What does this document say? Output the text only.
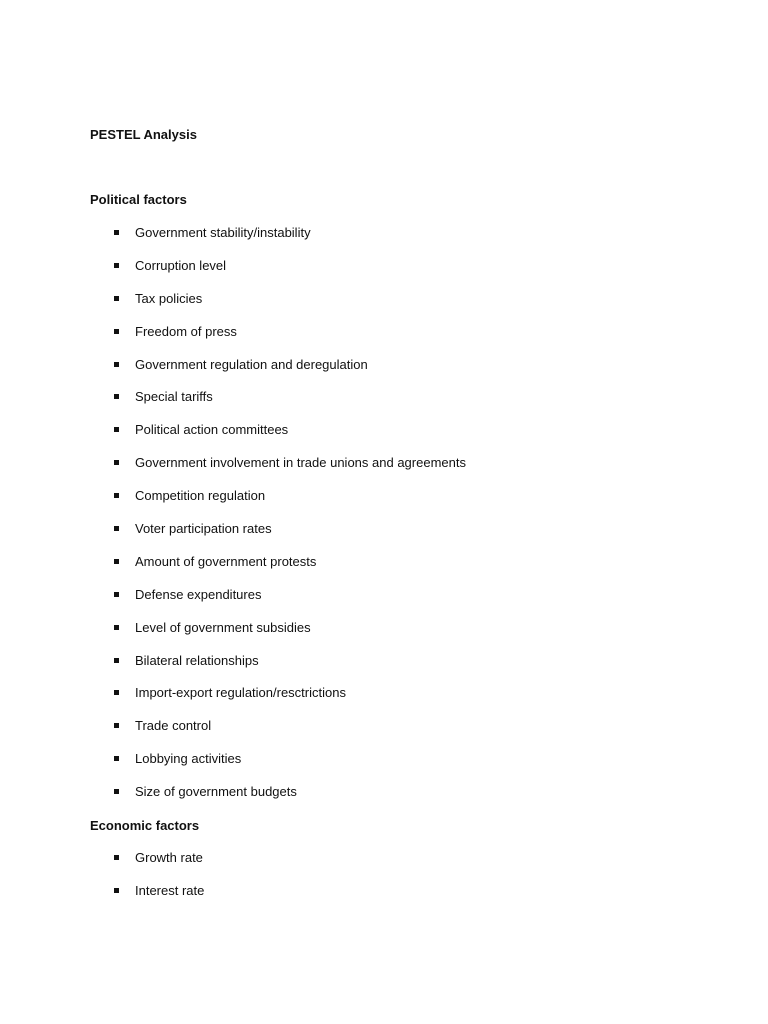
PESTEL Analysis
Political factors
Government stability/instability
Corruption level
Tax policies
Freedom of press
Government regulation and deregulation
Special tariffs
Political action committees
Government involvement in trade unions and agreements
Competition regulation
Voter participation rates
Amount of government protests
Defense expenditures
Level of government subsidies
Bilateral relationships
Import-export regulation/resctrictions
Trade control
Lobbying activities
Size of government budgets
Economic factors
Growth rate
Interest rate
